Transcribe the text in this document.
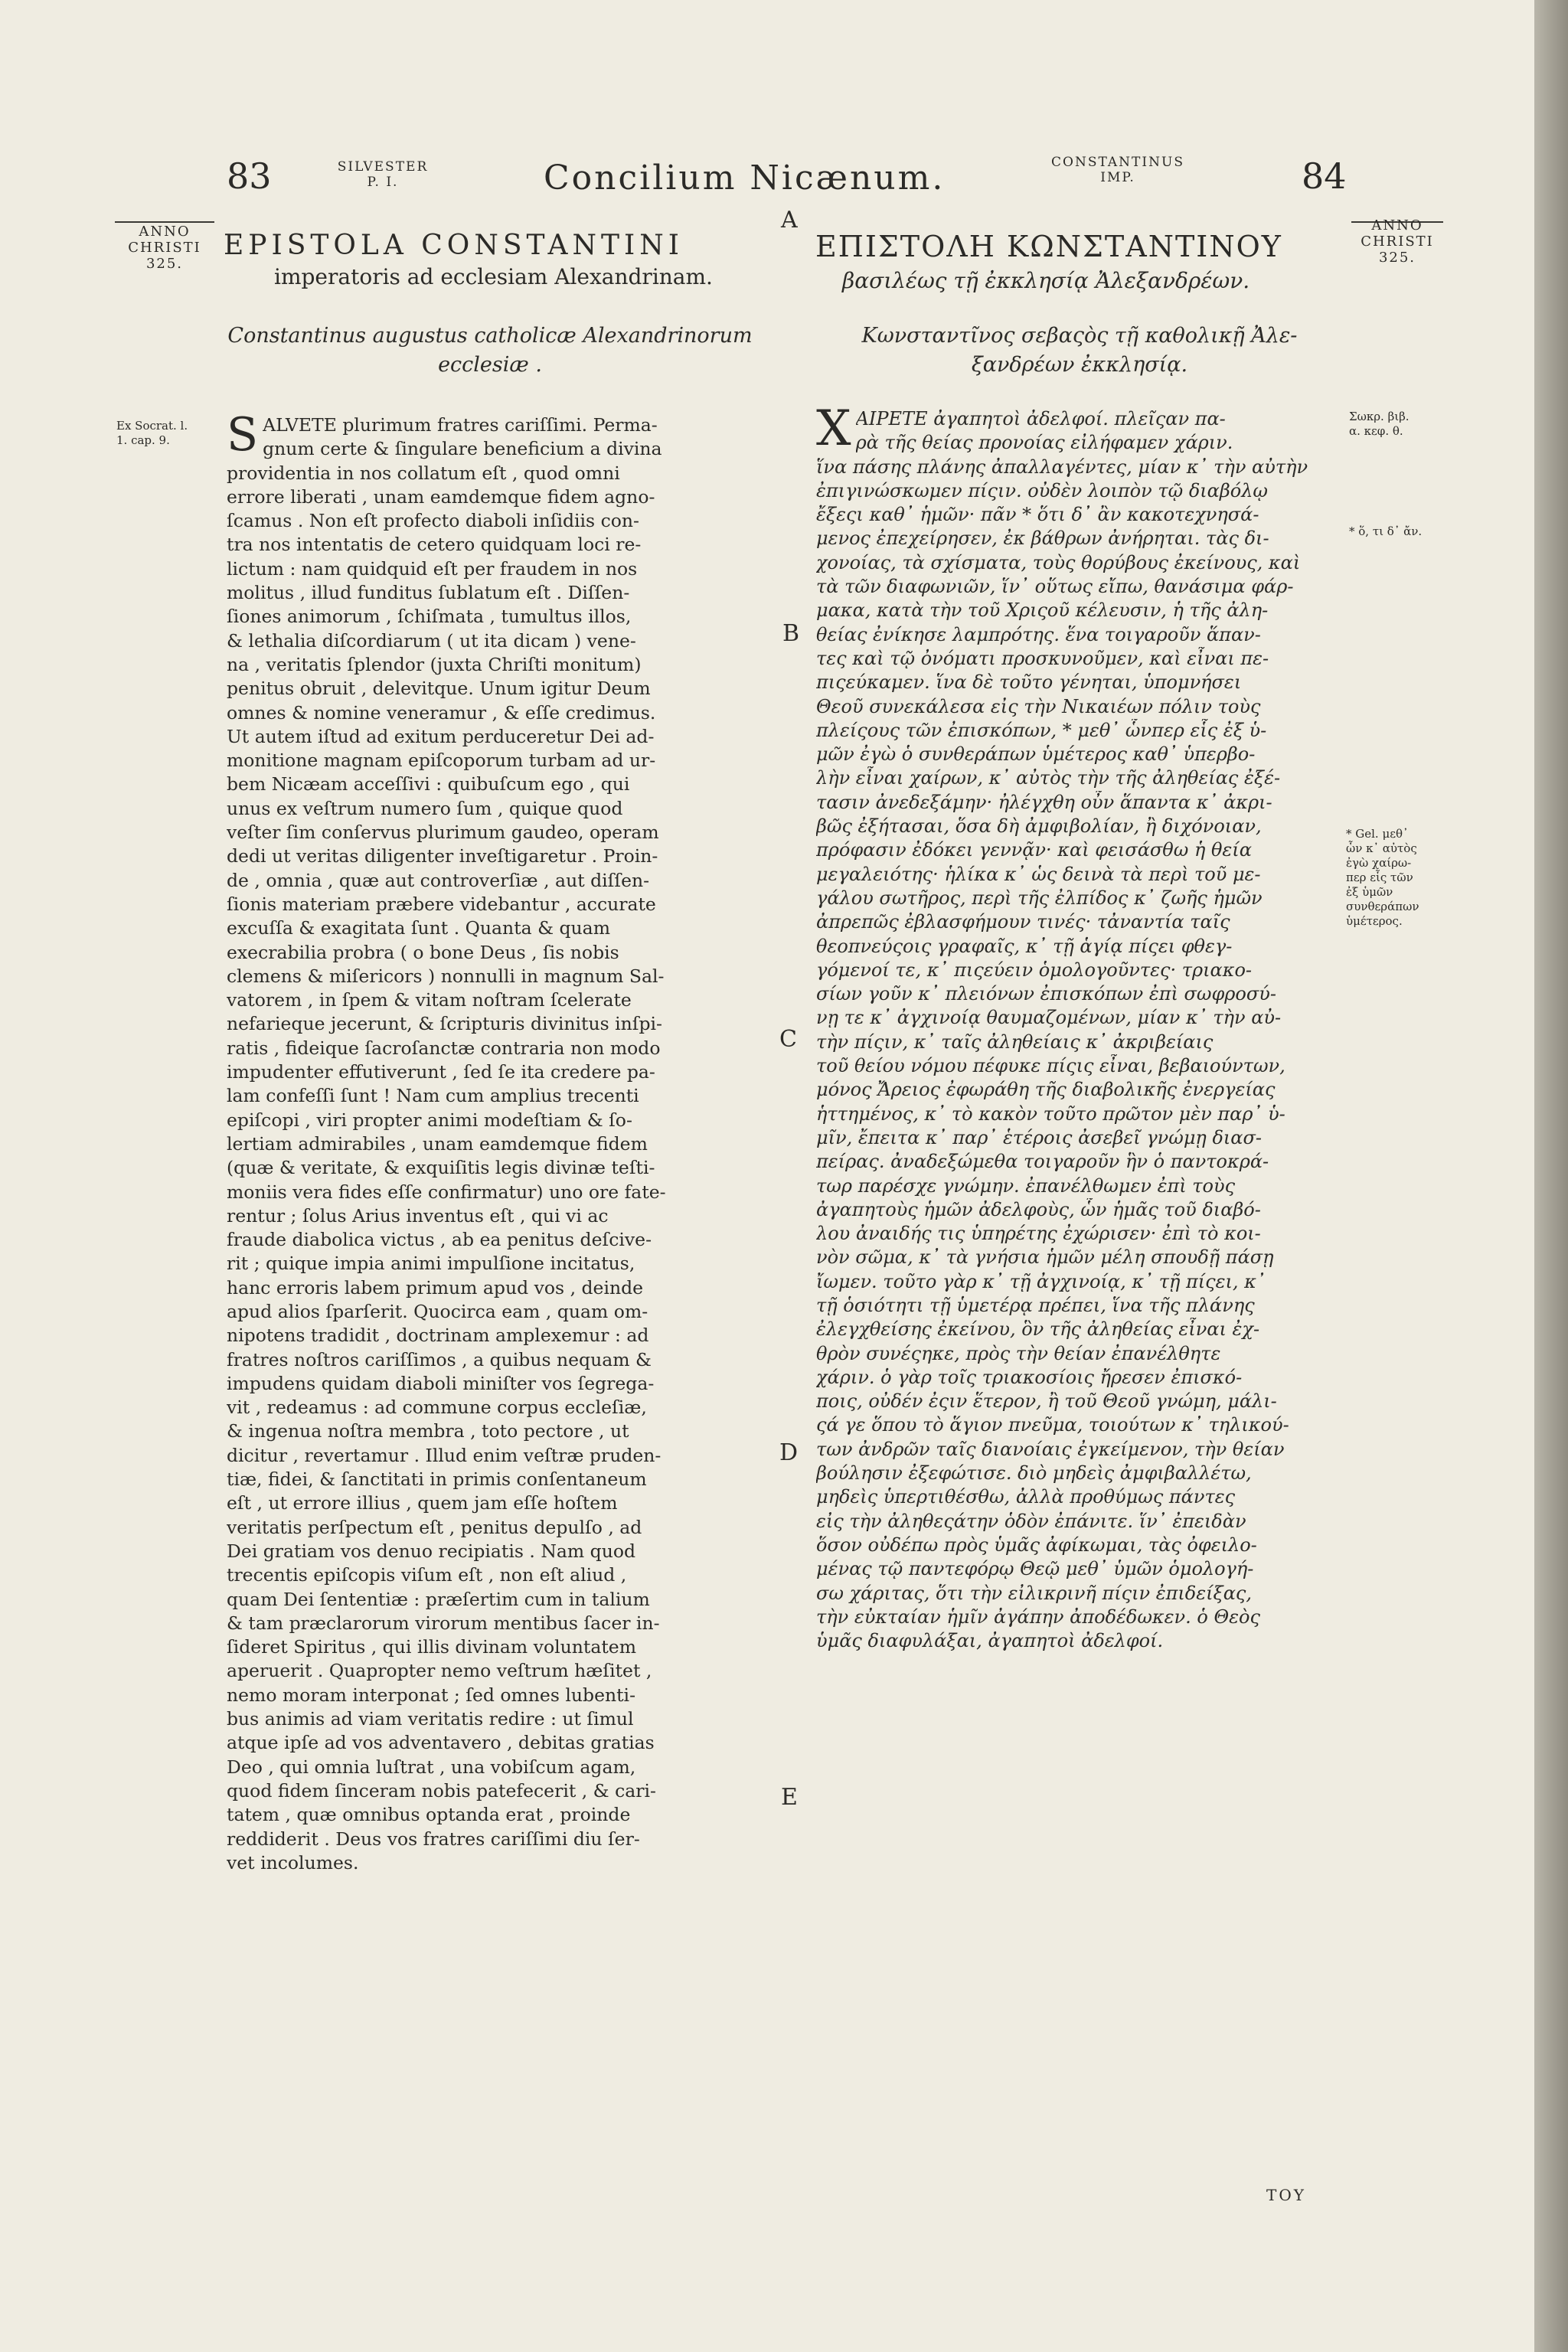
83	SILVESTER
P. I.	Concilium Nicænum.	CONSTANTINUS
IMP.	84
A
B
C
D
E
ANNO
CHRISTI
325.
EPISTOLA CONSTANTINI
imperatoris ad ecclesiam Alexandrinam.
Constantinus augustus catholicæ Alexandrinorum
ecclesiæ .
Ex Socrat. l.
1. cap. 9.	S ALVETE plurimum fratres cariſſimi. Perma-
gnum certe & ſingulare beneficium a divina
providentia in nos collatum eſt , quod omni
errore liberati , unam eamdemque fidem agno-
ſcamus . Non eſt profecto diaboli inſidiis con-
tra nos intentatis de cetero quidquam loci re-
lictum : nam quidquid eſt per fraudem in nos
molitus , illud funditus ſublatum eſt . Diſſen-
ſiones animorum , ſchiſmata , tumultus illos,
& lethalia diſcordiarum ( ut ita dicam ) vene-
na , veritatis ſplendor (juxta Chriſti monitum)
penitus obruit , delevitque. Unum igitur Deum
omnes & nomine veneramur , & eſſe credimus.
Ut autem iſtud ad exitum perduceretur Dei ad-
monitione magnam epiſcoporum turbam ad ur-
bem Nicæam acceſſivi : quibuſcum ego , qui
unus ex veſtrum numero ſum , quique quod
veſter ſim conſervus plurimum gaudeo, operam
dedi ut veritas diligenter inveſtigaretur . Proin-
de , omnia , quæ aut controverſiæ , aut diſſen-
ſionis materiam præbere videbantur , accurate
excuſſa & exagitata ſunt . Quanta & quam
execrabilia probra ( o bone Deus , ſis nobis
clemens & miſericors ) nonnulli in magnum Sal-
vatorem , in ſpem & vitam noſtram ſcelerate
nefarieque jecerunt, & ſcripturis divinitus inſpi-
ratis , fideique ſacroſanctæ contraria non modo
impudenter effutiverunt , ſed ſe ita credere pa-
lam confeſſi ſunt ! Nam cum amplius trecenti
epiſcopi , viri propter animi modeſtiam & ſo-
lertiam admirabiles , unam eamdemque fidem
(quæ & veritate, & exquiſitis legis divinæ teſti-
moniis vera fides eſſe confirmatur) uno ore fate-
rentur ; ſolus Arius inventus eſt , qui vi ac
fraude diabolica victus , ab ea penitus deſcive-
rit ; quique impia animi impulſione incitatus,
hanc erroris labem primum apud vos , deinde
apud alios ſparſerit. Quocirca eam , quam om-
nipotens tradidit , doctrinam amplexemur : ad
fratres noſtros cariſſimos , a quibus nequam &
impudens quidam diaboli miniſter vos ſegrega-
vit , redeamus : ad commune corpus eccleſiæ,
& ingenua noſtra membra , toto pectore , ut
dicitur , revertamur . Illud enim veſtræ pruden-
tiæ, fidei, & ſanctitati in primis conſentaneum
eſt , ut errore illius , quem jam eſſe hoſtem
veritatis perſpectum eſt , penitus depulſo , ad
Dei gratiam vos denuo recipiatis . Nam quod
trecentis epiſcopis viſum eſt , non eſt aliud ,
quam Dei ſententiæ : præſertim cum in talium
& tam præclarorum virorum mentibus ſacer in-
ſideret Spiritus , qui illis divinam voluntatem
aperuerit . Quapropter nemo veſtrum hæſitet ,
nemo moram interponat ; ſed omnes lubenti-
bus animis ad viam veritatis redire : ut ſimul
atque ipſe ad vos adventavero , debitas gratias
Deo , qui omnia luſtrat , una vobiſcum agam,
quod fidem ſinceram nobis patefecerit , & cari-
tatem , quæ omnibus optanda erat , proinde
reddiderit . Deus vos fratres cariſſimi diu ſer-
vet incolumes.
ΕΠΙΣΤΟΛΗ ΚΩΝΣΤΑΝΤΙΝΟΥ
ANNO
CHRISTI
325.
βασιλέως τῇ ἐκκλησίᾳ Ἀλεξανδρέων.
Κωνσταντῖνος σεβαςὸς τῇ καθολικῇ Ἀλε-
ξανδρέων ἐκκλησίᾳ.
Σωκρ. βιβ.
α. κεφ. θ.
* ὅ, τι δ᾽ ἄν.
* Gel. μεθ᾽
ὧν κ᾽ αὐτὸς
ἐγὼ χαίρω-
περ εἷς τῶν
ἐξ ὑμῶν
συνθεράπων
ὑμέτερος.
Χ ΑΙΡΕΤΕ ἀγαπητοὶ ἀδελφοί. πλεῖςαν πα-
ρὰ τῆς θείας προνοίας εἰλήφαμεν χάριν.
ἵνα πάσης πλάνης ἀπαλλαγέντες, μίαν κ᾽ τὴν αὐτὴν
ἐπιγινώσκωμεν πίςιν. οὐδὲν λοιπὸν τῷ διαβόλῳ
ἔξεςι καθ᾽ ἡμῶν· πᾶν * ὅτι δ᾽ ἂν κακοτεχνησά-
μενος ἐπεχείρησεν, ἐκ βάθρων ἀνήρηται. τὰς δι-
χονοίας, τὰ σχίσματα, τοὺς θορύβους ἐκείνους, καὶ
τὰ τῶν διαφωνιῶν, ἵν᾽ οὕτως εἴπω, θανάσιμα φάρ-
μακα, κατὰ τὴν τοῦ Χριςοῦ κέλευσιν, ἡ τῆς ἀλη-
θείας ἐνίκησε λαμπρότης. ἕνα τοιγαροῦν ἅπαν-
τες καὶ τῷ ὀνόματι προσκυνοῦμεν, καὶ εἶναι πε-
πιςεύκαμεν. ἵνα δὲ τοῦτο γένηται, ὑπομνήσει
Θεοῦ συνεκάλεσα εἰς τὴν Νικαιέων πόλιν τοὺς
πλείςους τῶν ἐπισκόπων, * μεθ᾽ ὧνπερ εἷς ἐξ ὑ-
μῶν ἐγὼ ὁ συνθεράπων ὑμέτερος καθ᾽ ὑπερβο-
λὴν εἶναι χαίρων, κ᾽ αὐτὸς τὴν τῆς ἀληθείας ἐξέ-
τασιν ἀνεδεξάμην· ἠλέγχθη οὖν ἅπαντα κ᾽ ἀκρι-
βῶς ἐξήτασαι, ὅσα δὴ ἀμφιβολίαν, ἢ διχόνοιαν,
πρόφασιν ἐδόκει γεννᾷν· καὶ φεισάσθω ἡ θεία
μεγαλειότης· ἡλίκα κ᾽ ὡς δεινὰ τὰ περὶ τοῦ με-
γάλου σωτῆρος, περὶ τῆς ἐλπίδος κ᾽ ζωῆς ἡμῶν
ἀπρεπῶς ἐβλασφήμουν τινές· τἀναντία ταῖς
θεοπνεύςοις γραφαῖς, κ᾽ τῇ ἁγίᾳ πίςει φθεγ-
γόμενοί τε, κ᾽ πιςεύειν ὁμολογοῦντες· τριακο-
σίων γοῦν κ᾽ πλειόνων ἐπισκόπων ἐπὶ σωφροσύ-
νῃ τε κ᾽ ἀγχινοίᾳ θαυμαζομένων, μίαν κ᾽ τὴν αὐ-
τὴν πίςιν, κ᾽ ταῖς ἀληθείαις κ᾽ ἀκριβείαις
τοῦ θείου νόμου πέφυκε πίςις εἶναι, βεβαιούντων,
μόνος Ἄρειος ἐφωράθη τῆς διαβολικῆς ἐνεργείας
ἡττημένος, κ᾽ τὸ κακὸν τοῦτο πρῶτον μὲν παρ᾽ ὑ-
μῖν, ἔπειτα κ᾽ παρ᾽ ἑτέροις ἀσεβεῖ γνώμῃ διασ-
πείρας. ἀναδεξώμεθα τοιγαροῦν ἣν ὁ παντοκρά-
τωρ παρέσχε γνώμην. ἐπανέλθωμεν ἐπὶ τοὺς
ἀγαπητοὺς ἡμῶν ἀδελφοὺς, ὧν ἡμᾶς τοῦ διαβό-
λου ἀναιδής τις ὑπηρέτης ἐχώρισεν· ἐπὶ τὸ κοι-
νὸν σῶμα, κ᾽ τὰ γνήσια ἡμῶν μέλη σπουδῇ πάσῃ
ἴωμεν. τοῦτο γὰρ κ᾽ τῇ ἀγχινοίᾳ, κ᾽ τῇ πίςει, κ᾽
τῇ ὁσιότητι τῇ ὑμετέρᾳ πρέπει, ἵνα τῆς πλάνης
ἐλεγχθείσης ἐκείνου, ὃν τῆς ἀληθείας εἶναι ἐχ-
θρὸν συνέςηκε, πρὸς τὴν θείαν ἐπανέλθητε
χάριν. ὁ γὰρ τοῖς τριακοσίοις ἤρεσεν ἐπισκό-
ποις, οὐδέν ἐςιν ἕτερον, ἢ τοῦ Θεοῦ γνώμη, μάλι-
ςά γε ὅπου τὸ ἅγιον πνεῦμα, τοιούτων κ᾽ τηλικού-
των ἀνδρῶν ταῖς διανοίαις ἐγκείμενον, τὴν θείαν
βούλησιν ἐξεφώτισε. διὸ μηδεὶς ἀμφιβαλλέτω,
μηδεὶς ὑπερτιθέσθω, ἀλλὰ προθύμως πάντες
εἰς τὴν ἀληθεςάτην ὁδὸν ἐπάνιτε. ἵν᾽ ἐπειδὰν
ὅσον οὐδέπω πρὸς ὑμᾶς ἀφίκωμαι, τὰς ὀφειλο-
μένας τῷ παντεφόρῳ Θεῷ μεθ᾽ ὑμῶν ὁμολογή-
σω χάριτας, ὅτι τὴν εἰλικρινῆ πίςιν ἐπιδείξας,
τὴν εὐκταίαν ἡμῖν ἀγάπην ἀποδέδωκεν. ὁ Θεὸς
ὑμᾶς διαφυλάξαι, ἀγαπητοὶ ἀδελφοί.
ΤΟΥ
